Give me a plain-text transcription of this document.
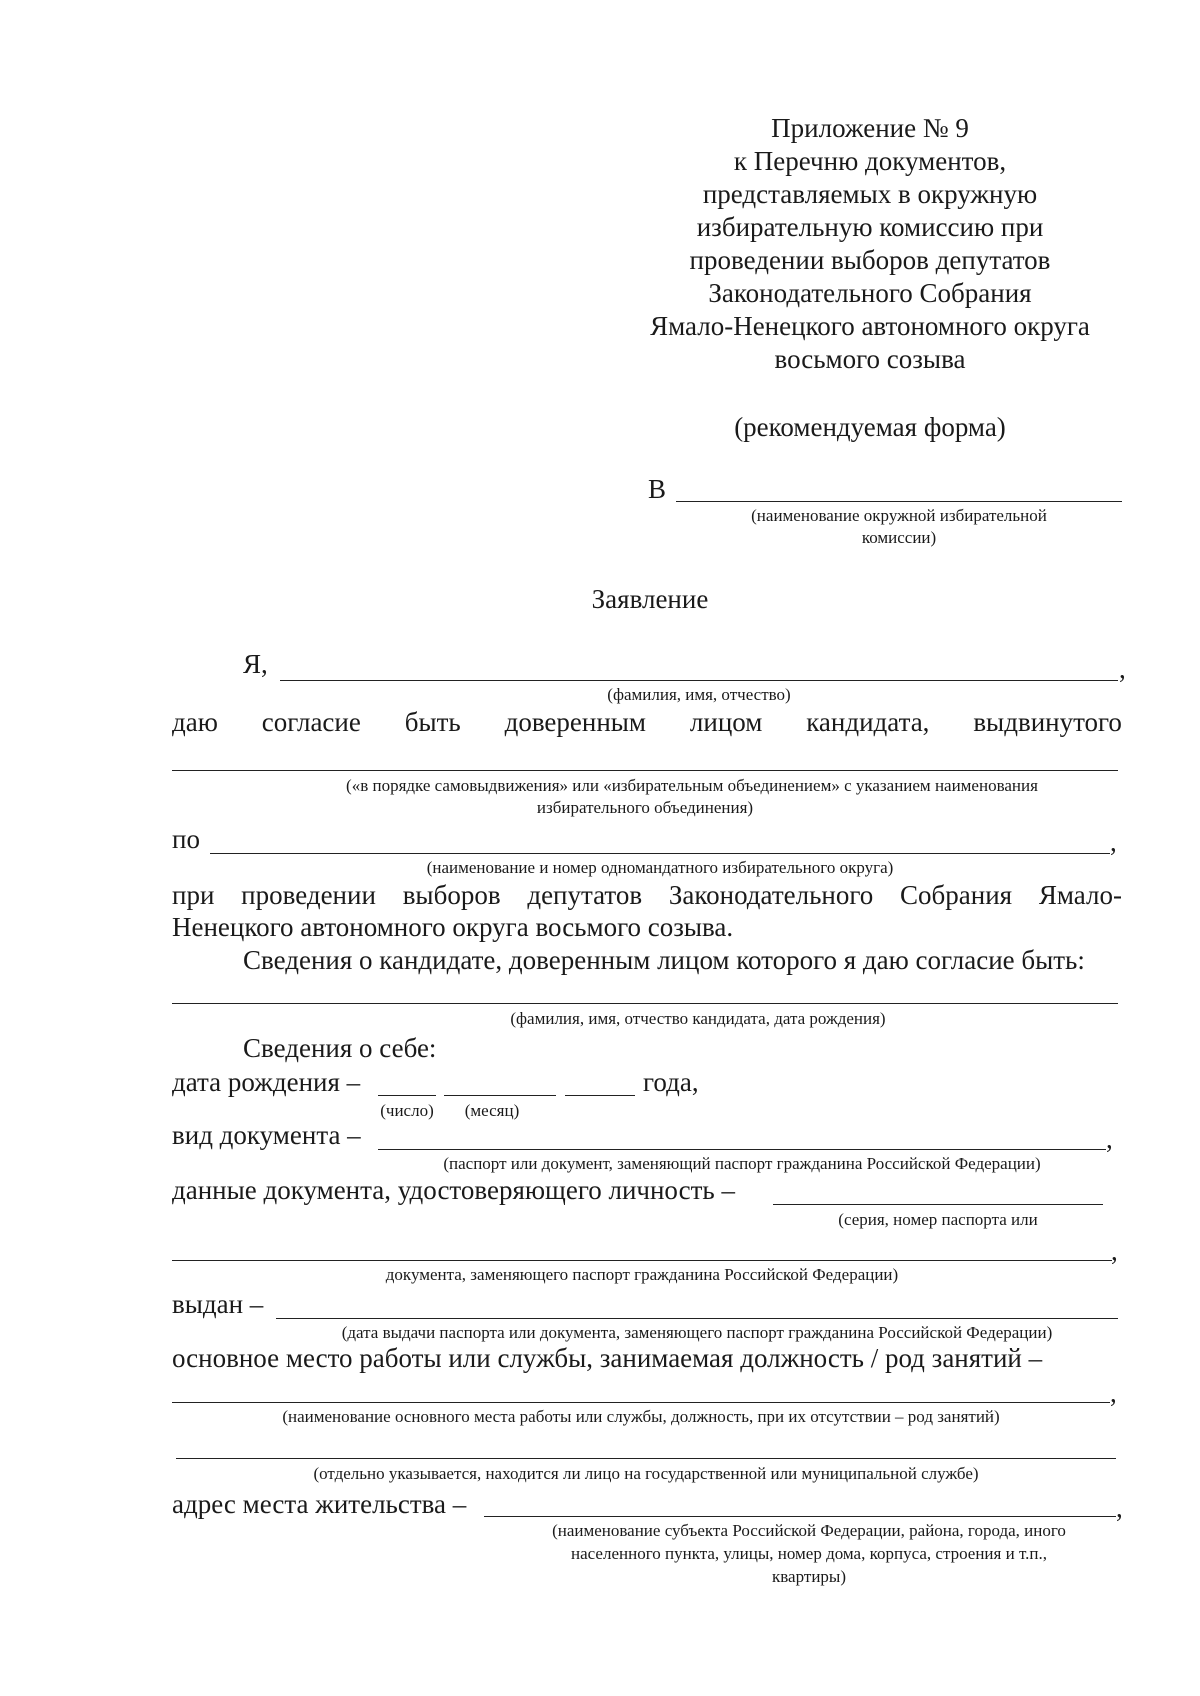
Приложение № 9
к Перечню документов,
представляемых в окружную
избирательную комиссию при
проведении выборов депутатов
Законодательного Собрания
Ямало-Ненецкого автономного округа
восьмого созыва
(рекомендуемая форма)
В
(наименование окружной избирательной
комиссии)
Заявление
Я,	,
(фамилия, имя, отчество)
даю согласие быть доверенным лицом кандидата, выдвинутого
(«в порядке самовыдвижения» или «избирательным объединением» с указанием наименования
избирательного объединения)
по	,
(наименование и номер одномандатного избирательного округа)
при проведении выборов депутатов Законодательного Собрания Ямало-
Ненецкого автономного округа восьмого созыва.
Сведения о кандидате, доверенным лицом которого я даю согласие быть:
(фамилия, имя, отчество кандидата, дата рождения)
Сведения о себе:
дата рождения –	года,
(число)	(месяц)
вид документа –	,
(паспорт или документ, заменяющий паспорт гражданина Российской Федерации)
данные документа, удостоверяющего личность –
(серия, номер паспорта или
,
документа, заменяющего паспорт гражданина Российской Федерации)
выдан –
(дата выдачи паспорта или документа, заменяющего паспорт гражданина Российской Федерации)
основное место работы или службы, занимаемая должность / род занятий –
,
(наименование основного места работы или службы, должность, при их отсутствии – род занятий)
(отдельно указывается, находится ли лицо на государственной или муниципальной службе)
адрес места жительства –	,
(наименование субъекта Российской Федерации, района, города, иного
населенного пункта, улицы, номер дома, корпуса, строения и т.п.,
квартиры)
